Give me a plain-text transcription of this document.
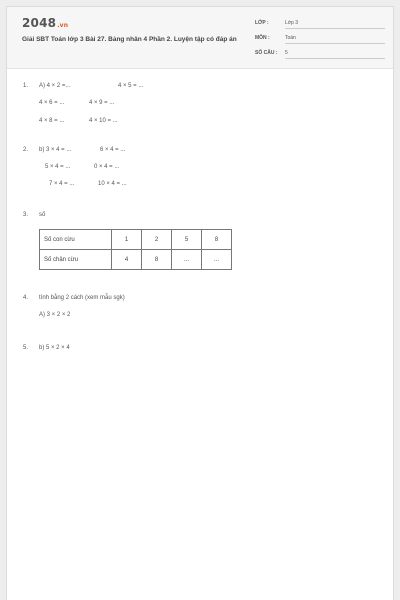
2048.vn
Giải SBT Toán lớp 3 Bài 27. Bảng nhân 4 Phần 2. Luyện tập có đáp án
LỚP :	Lớp 3
MÔN :	Toán
SỐ CÂU : 5
1. A) 4 × 2 =...	4 × 5 = ...
4 × 6 = ...	4 × 9 = ...
4 × 8 = ...	4 × 10 = ...
2. b) 3 × 4 = ...	6 × 4 = ...
5 × 4 = ...	0 × 4 = ...
7 × 4 = ...	10 × 4 = ...
3. số
Số con cừu	1	2	5	8
Số chân cừu	4	8	...	...
4. tính bằng 2 cách (xem mẫu sgk)
A) 3 × 2 × 2
5. b) 5 × 2 × 4
